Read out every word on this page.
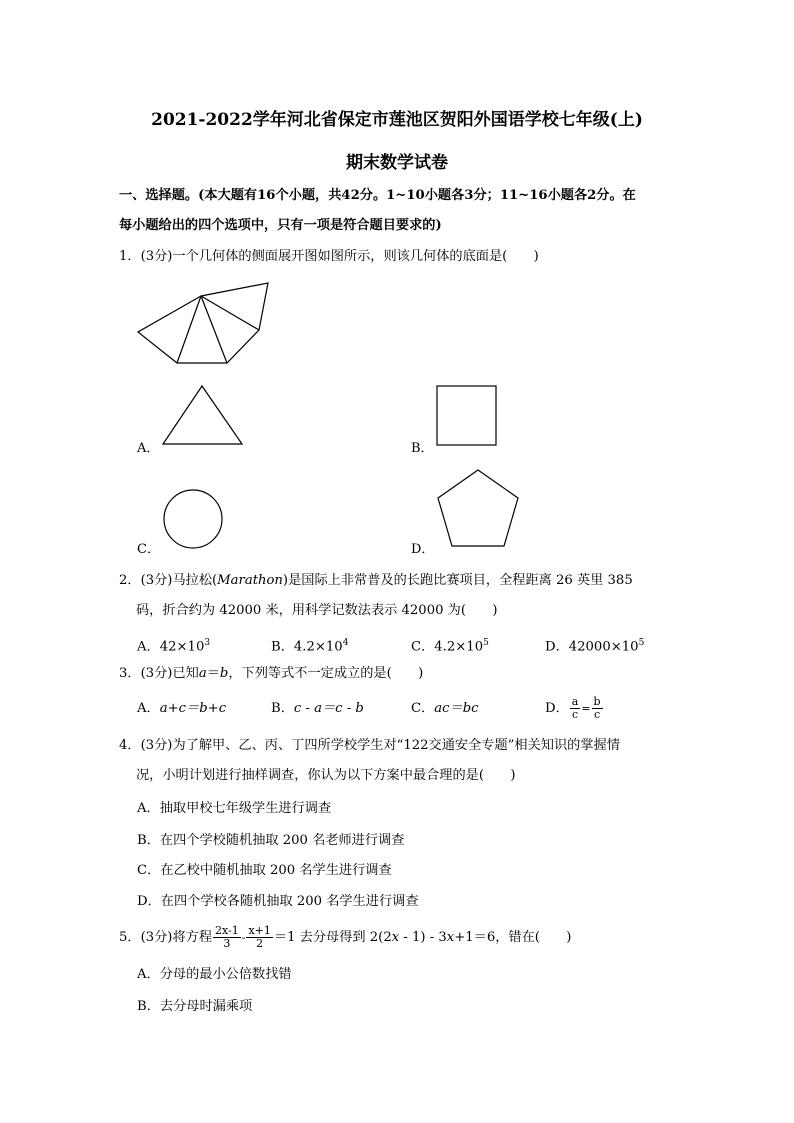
2021-2022学年河北省保定市莲池区贺阳外国语学校七年级(上)
期末数学试卷
一、选择题。(本大题有16个小题，共42分。1~10小题各3分；11~16小题各2分。在
每小题给出的四个选项中，只有一项是符合题目要求的)
1．(3分)一个几何体的侧面展开图如图所示，则该几何体的底面是(　　)
A．	B．
C．	D．
2．(3分)马拉松(Marathon)是国际上非常普及的长跑比赛项目，全程距离 26 英里 385
码，折合约为 42000 米，用科学记数法表示 42000 为(　　)
A．$42\times 10^3$	B．$4.2\times 10^4$	C．$4.2\times 10^5$	D．$42000\times 10^5$
3．(3分)已知a＝b，下列等式不一定成立的是(　　)
A．a+c＝b+c	B．c - a＝c - b	C．ac＝bc	D． $\frac{a}{c} = \frac{b}{c}$
4．(3分)为了解甲、乙、丙、丁四所学校学生对“122交通安全专题”相关知识的掌握情
况，小明计划进行抽样调查，你认为以下方案中最合理的是(　　)
A．抽取甲校七年级学生进行调查
B．在四个学校随机抽取 200 名老师进行调查
C．在乙校中随机抽取 200 名学生进行调查
D．在四个学校各随机抽取 200 名学生进行调查
5．(3分)将方程 $\frac{2x-1}{3} - \frac{x+1}{2} =1$ 去分母得到 2(2x - 1) - 3x+1＝6，错在(　　)
A．分母的最小公倍数找错
B．去分母时漏乘项
